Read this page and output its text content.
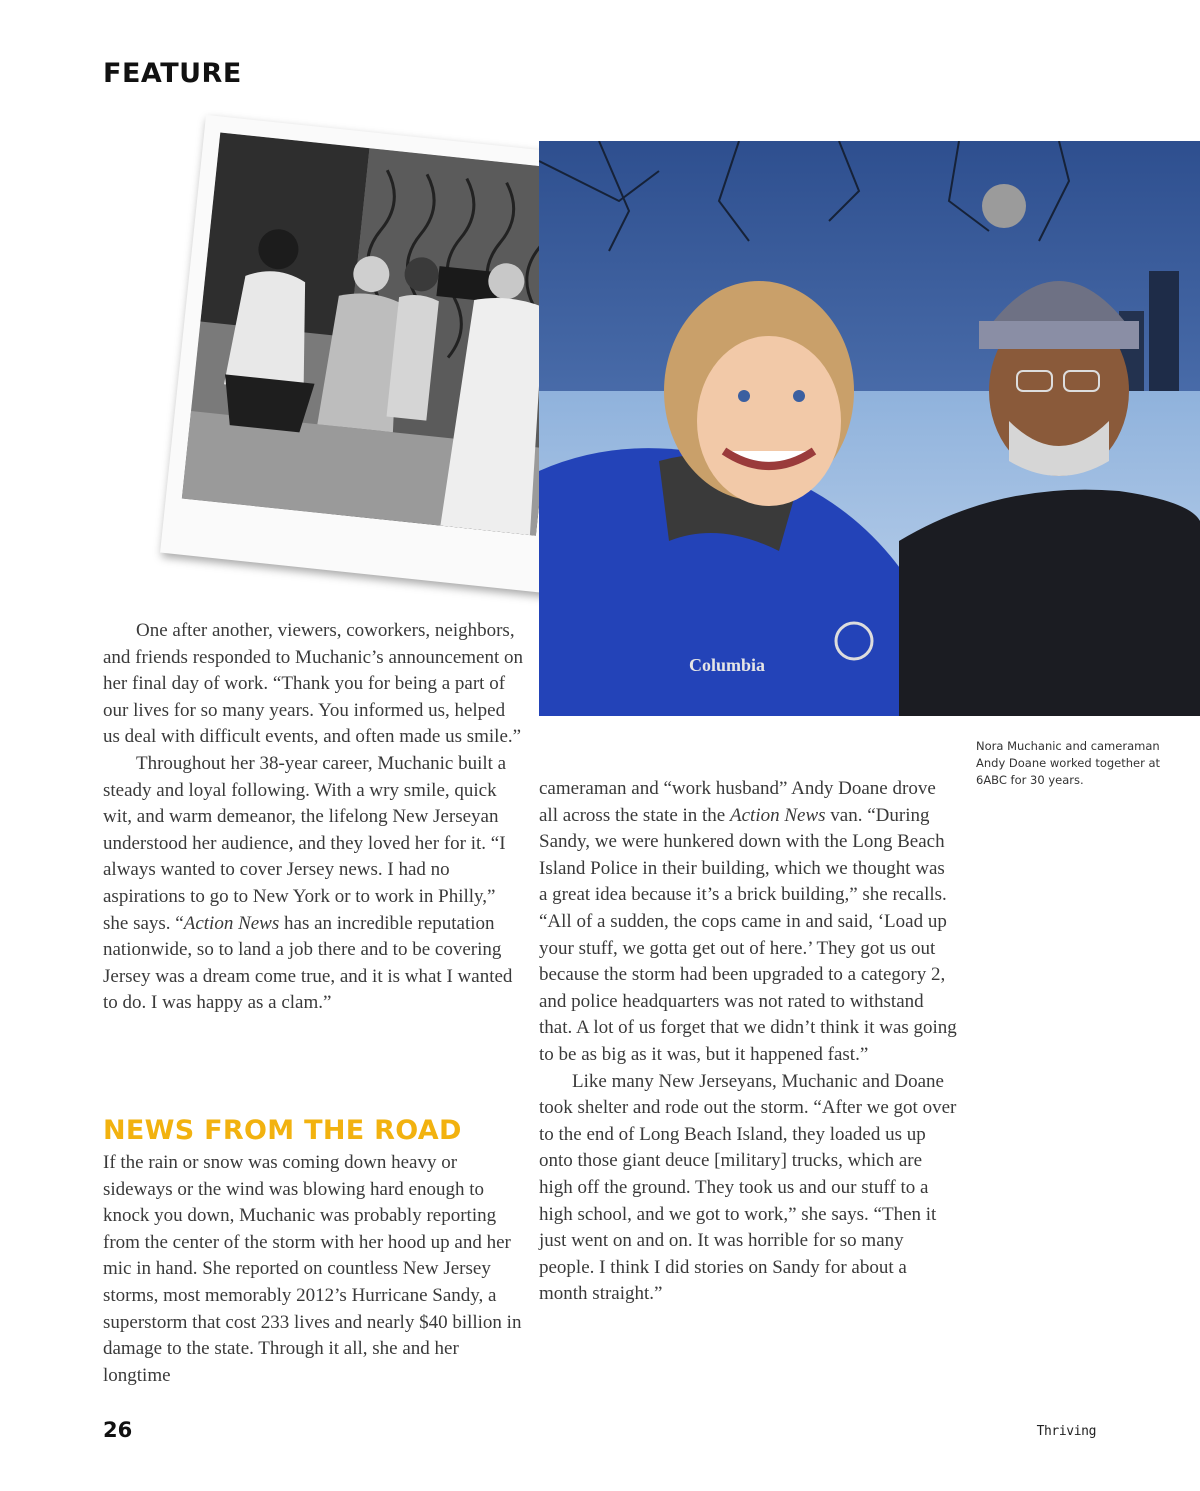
FEATURE
Columbia
Nora Muchanic and cameraman Andy Doane worked together at 6ABC for 30 years.

One after another, viewers, coworkers, neighbors, and friends responded to Muchanic’s announcement on her final day of work. “Thank you for being a part of our lives for so many years. You informed us, helped us deal with difficult events, and often made us smile.”

Throughout her 38-year career, Muchanic built a steady and loyal following. With a wry smile, quick wit, and warm demeanor, the lifelong New Jerseyan understood her audience, and they loved her for it. “I always wanted to cover Jersey news. I had no aspirations to go to New York or to work in Philly,” she says. “Action News has an incredible reputation nationwide, so to land a job there and to be covering Jersey was a dream come true, and it is what I wanted to do. I was happy as a clam.”

NEWS FROM THE ROAD

If the rain or snow was coming down heavy or sideways or the wind was blowing hard enough to knock you down, Muchanic was probably reporting from the center of the storm with her hood up and her mic in hand. She reported on countless New Jersey storms, most memorably 2012’s Hurricane Sandy, a superstorm that cost 233 lives and nearly $40 billion in damage to the state. Through it all, she and her longtime

cameraman and “work husband” Andy Doane drove all across the state in the Action News van. “During Sandy, we were hunkered down with the Long Beach Island Police in their building, which we thought was a great idea because it’s a brick building,” she recalls. “All of a sudden, the cops came in and said, ‘Load up your stuff, we gotta get out of here.’ They got us out because the storm had been upgraded to a category 2, and police headquarters was not rated to withstand that. A lot of us forget that we didn’t think it was going to be as big as it was, but it happened fast.”

Like many New Jerseyans, Muchanic and Doane took shelter and rode out the storm. “After we got over to the end of Long Beach Island, they loaded us up onto those giant deuce [military] trucks, which are high off the ground. They took us and our stuff to a high school, and we got to work,” she says. “Then it just went on and on. It was horrible for so many people. I think I did stories on Sandy for about a month straight.”

26	Thriving
